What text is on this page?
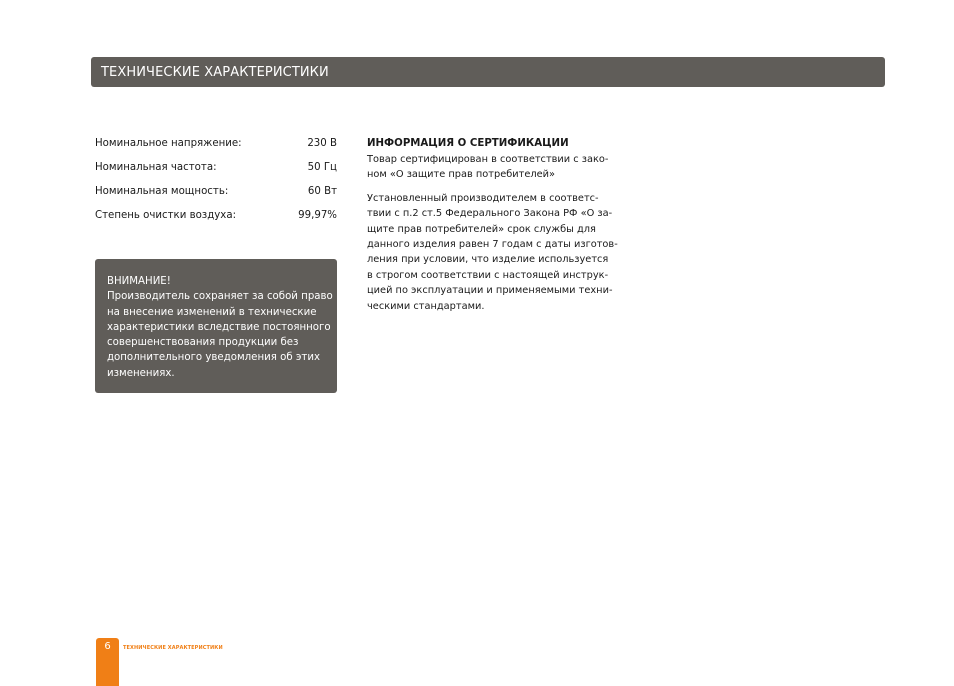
ТЕХНИЧЕСКИЕ ХАРАКТЕРИСТИКИ
Номинальное напряжение:	230 В
Номинальная частота:	50 Гц
Номинальная мощность:	60 Вт
Степень очистки воздуха:	99,97%
ВНИМАНИЕ!
Производитель сохраняет за собой право
на внесение изменений в технические
характеристики вследствие постоянного
совершенствования продукции без
дополнительного уведомления об этих
изменениях.
ИНФОРМАЦИЯ О СЕРТИФИКАЦИИ
Товар сертифицирован в соответствии с зако-
ном «О защите прав потребителей»
Установленный производителем в соответс-
твии с п.2 ст.5 Федерального Закона РФ «О за-
щите прав потребителей» срок службы для
данного изделия равен 7 годам с даты изготов-
ления при условии, что изделие используется
в строгом соответствии с настоящей инструк-
цией по эксплуатации и применяемыми техни-
ческими стандартами.
6	ТЕХНИЧЕСКИЕ ХАРАКТЕРИСТИКИ
